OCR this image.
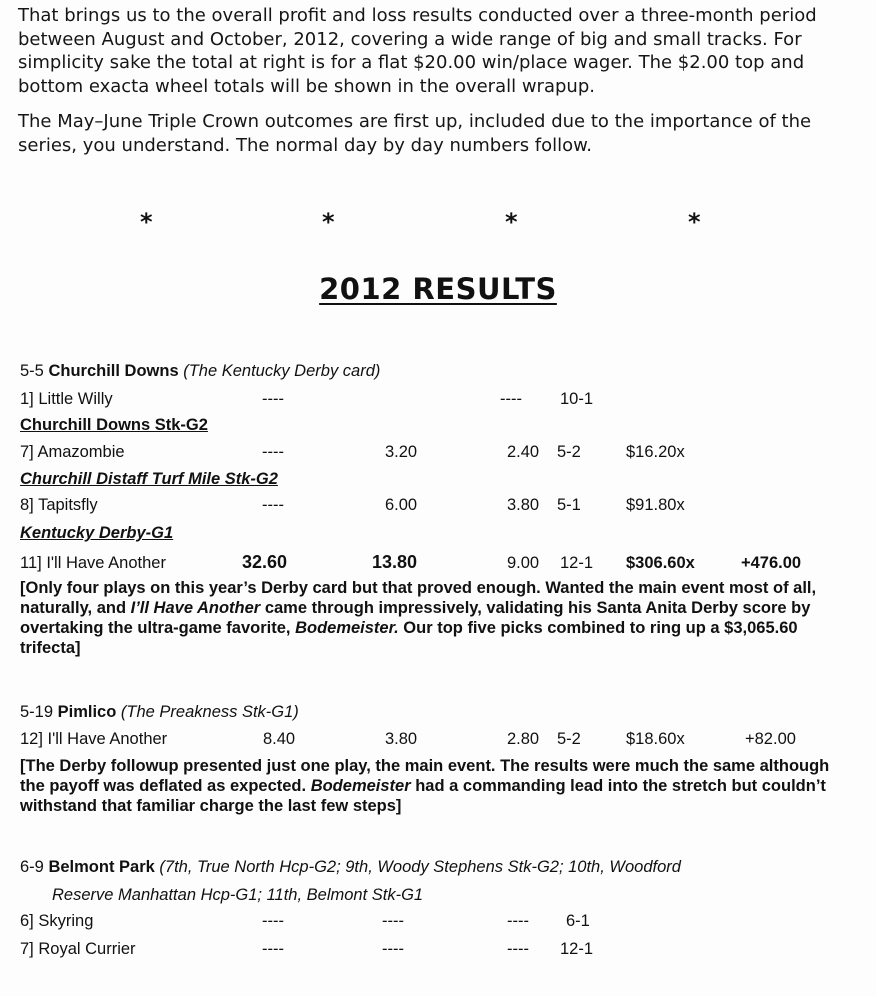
That brings us to the overall profit and loss results conducted over a three-month period between August and October, 2012, covering a wide range of big and small tracks. For simplicity sake the total at right is for a flat $20.00 win/place wager. The $2.00 top and bottom exacta wheel totals will be shown in the overall wrapup.

The May–June Triple Crown outcomes are first up, included due to the importance of the series, you understand. The normal day by day numbers follow.

*	*	*	*
2012 RESULTS
5-5 Churchill Downs (The Kentucky Derby card)
1] Little Willy	----	---- 10-1
Churchill Downs Stk-G2
7] Amazombie	----	3.20	2.40 5-2	$16.20x
Churchill Distaff Turf Mile Stk-G2
8] Tapitsfly	----	6.00	3.80 5-1	$91.80x
Kentucky Derby-G1
11] I'll Have Another	32.60	13.80	9.00 12-1 $306.60x	+476.00
[Only four plays on this year’s Derby card but that proved enough. Wanted the main event most of all, naturally, and I’ll Have Another came through impressively, validating his Santa Anita Derby score by overtaking the ultra-game favorite, Bodemeister. Our top five picks combined to ring up a $3,065.60 trifecta]
5-19 Pimlico (The Preakness Stk-G1)
12] I'll Have Another	8.40	3.80	2.80 5-2	$18.60x	+82.00
[The Derby followup presented just one play, the main event. The results were much the same although the payoff was deflated as expected. Bodemeister had a commanding lead into the stretch but couldn’t withstand that familiar charge the last few steps]
6-9 Belmont Park (7th, True North Hcp-G2; 9th, Woody Stephens Stk-G2; 10th, Woodford
Reserve Manhattan Hcp-G1; 11th, Belmont Stk-G1
6] Skyring	----	----	---- 6-1
7] Royal Currier	----	----	---- 12-1
